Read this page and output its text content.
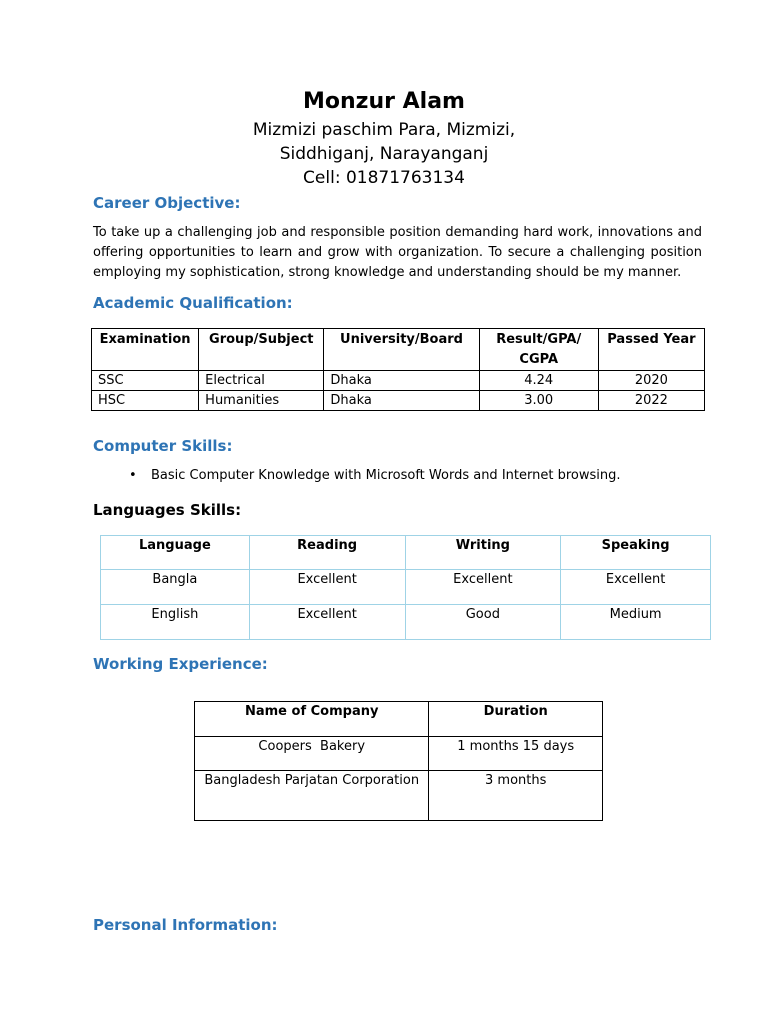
Monzur Alam
Mizmizi paschim Para, Mizmizi,
Siddhiganj, Narayanganj
Cell: 01871763134
Career Objective:
To take up a challenging job and responsible position demanding hard work, innovations and offering opportunities to learn and grow with organization. To secure a challenging position employing my sophistication, strong knowledge and understanding should be my manner.
Academic Qualification:
Examination	Group/Subject	University/Board	Result/GPA/ CGPA	Passed Year
SSC	Electrical	Dhaka	4.24	2020
HSC	Humanities	Dhaka	3.00	2022
Computer Skills:
• Basic Computer Knowledge with Microsoft Words and Internet browsing.
Languages Skills:
Language	Reading	Writing	Speaking
Bangla	Excellent	Excellent	Excellent
English	Excellent	Good	Medium
Working Experience:
Name of Company	Duration
Coopers  Bakery	1 months 15 days
Bangladesh Parjatan Corporation	3 months
Personal Information:
